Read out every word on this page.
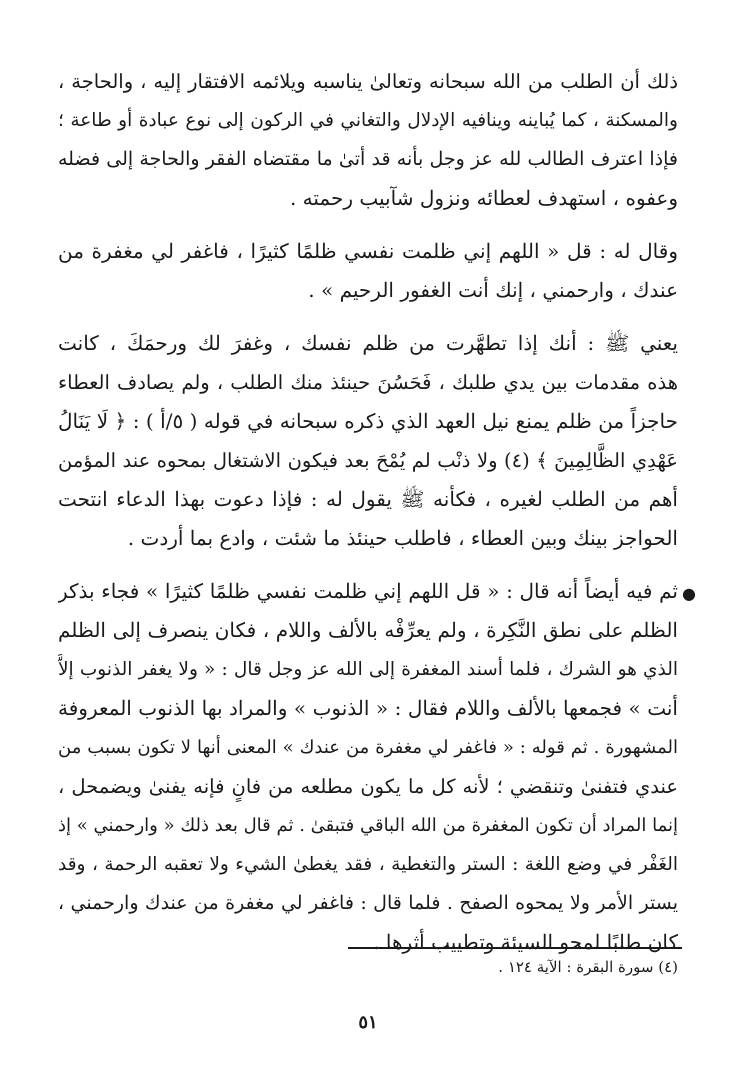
ذلك أن الطلب من الله سبحانه وتعالىٰ يناسبه ويلائمه الافتقار إليه ، والحاجة ،

والمسكنة ، كما يُباينه وينافيه الإدلال والتغاني في الركون إلى نوع عبادة أو طاعة ؛

فإذا اعترف الطالب لله عز وجل بأنه قد أتىٰ ما مقتضاه الفقر والحاجة إلى فضله

وعفوه ، استهدف لعطائه ونزول شآبيب رحمته .

وقال له : قل « اللهم إني ظلمت نفسي ظلمًا كثيرًا ، فاغفر لي مغفرة من

عندك ، وارحمني ، إنك أنت الغفور الرحيم » .

يعني ﷺ : أنك إذا تطهَّرت من ظلم نفسك ، وغفرَ لك ورحمَكَ ، كانت

هذه مقدمات بين يدي طلبك ، فَحَسُنَ حينئذ منك الطلب ، ولم يصادف العطاء

حاجزاً من ظلم يمنع نيل العهد الذي ذكره سبحانه في قوله ( ٥/أ ) : ﴿ لَا يَنَالُ

عَهْدِي الظَّالِمِينَ ﴾ (٤) ولا ذنْب لم يُمْحَ بعد فيكون الاشتغال بمحوه عند المؤمن

أهم من الطلب لغيره ، فكأنه ﷺ يقول له : فإذا دعوت بهذا الدعاء انتحت

الحواجز بينك وبين العطاء ، فاطلب حينئذ ما شئت ، وادع بما أردت .

●

ثم فيه أيضاً أنه قال : « قل اللهم إني ظلمت نفسي ظلمًا كثيرًا » فجاء بذكر

الظلم على نطق النَّكِرة ، ولم يعرِّفْه بالألف واللام ، فكان ينصرف إلى الظلم

الذي هو الشرك ، فلما أسند المغفرة إلى الله عز وجل قال : « ولا يغفر الذنوب إلاَّ

أنت » فجمعها بالألف واللام فقال : « الذنوب » والمراد بها الذنوب المعروفة

المشهورة . ثم قوله : « فاغفر لي مغفرة من عندك » المعنى أنها لا تكون بسبب من

عندي فتفنىٰ وتنقضي ؛ لأنه كل ما يكون مطلعه من فانٍ فإنه يفنىٰ ويضمحل ،

إنما المراد أن تكون المغفرة من الله الباقي فتبقىٰ . ثم قال بعد ذلك « وارحمني » إذ

الغَفْر في وضع اللغة : الستر والتغطية ، فقد يغطىٰ الشيء ولا تعقبه الرحمة ، وقد

يستر الأمر ولا يمحوه الصفح . فلما قال : فاغفر لي مغفرة من عندك وارحمني ،

كان طلبًا لمحو السيئة وتطييب أثرها .

(٤) سورة البقرة : الآية ١٢٤ .
٥١
